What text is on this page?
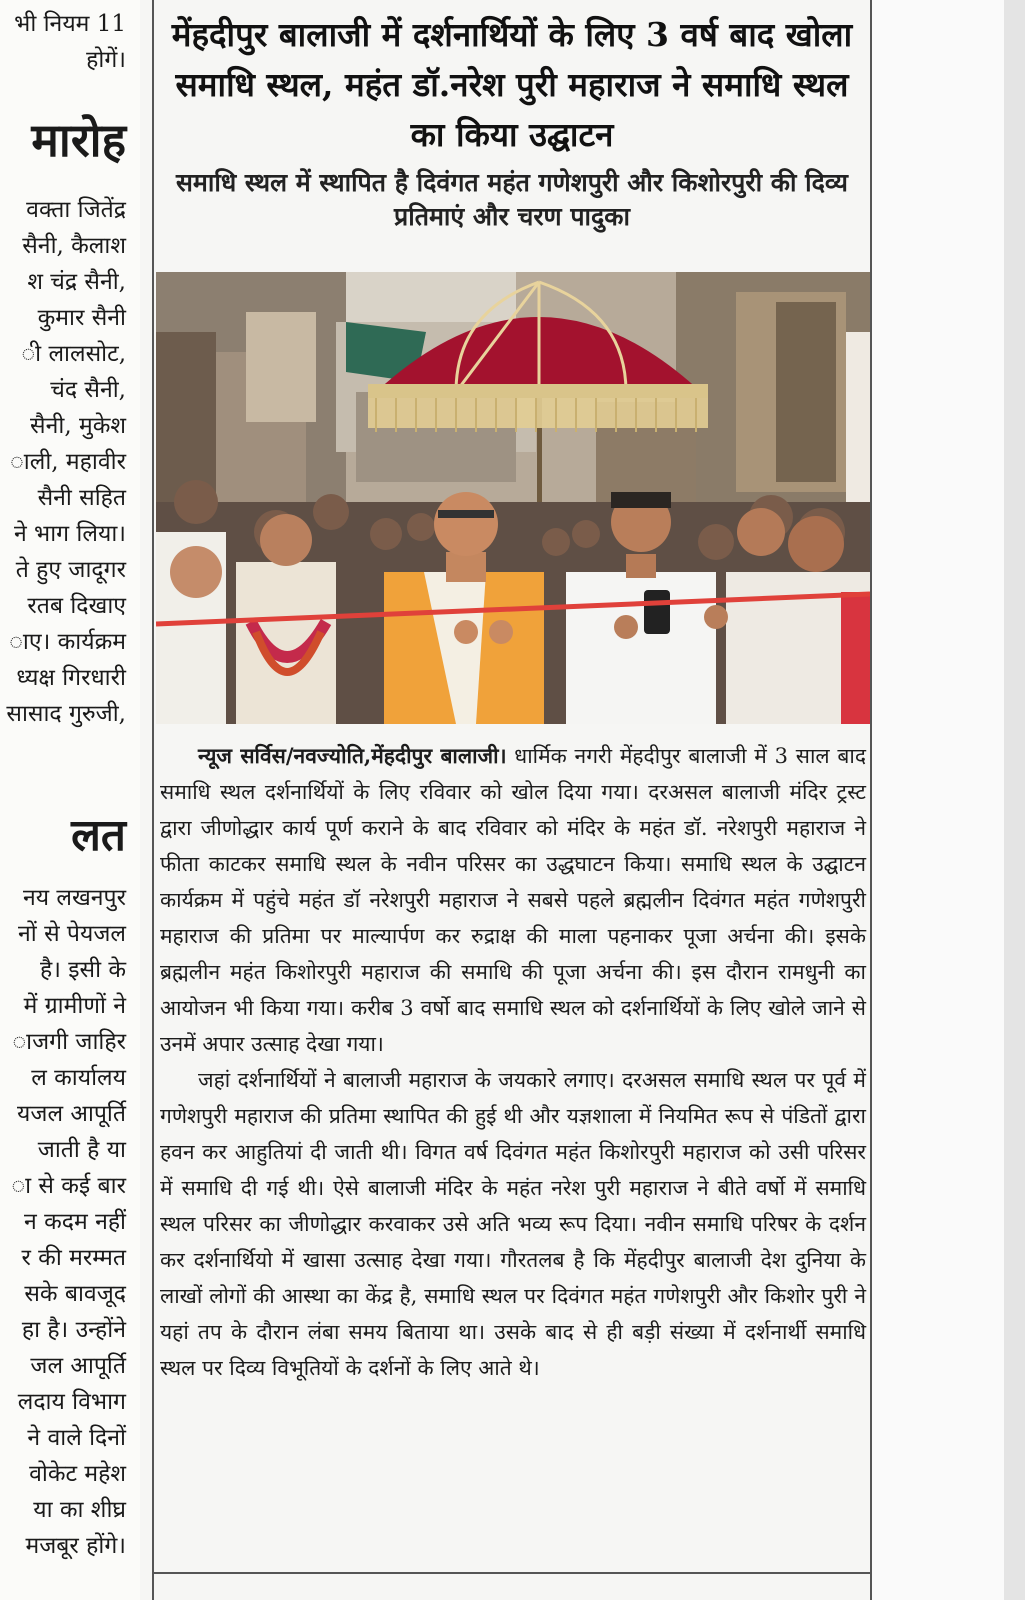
भी नियम 11
होगें।
मारोह
वक्ता जितेंद्र
सैनी, कैलाश
श चंद्र सैनी,
कुमार सैनी
ी लालसोट,
चंद सैनी,
सैनी, मुकेश
ाली, महावीर
सैनी सहित
ने भाग लिया।
ते हुए जादूगर
रतब दिखाए
ाए। कार्यक्रम
ध्यक्ष गिरधारी
सासाद गुरुजी,
लत
नय लखनपुर
नों से पेयजल
है। इसी के
में ग्रामीणों ने
ाजगी जाहिर
ल कार्यालय
यजल आपूर्ति
जाती है या
ा से कई बार
न कदम नहीं
र की मरम्मत
सके बावजूद
हा है। उन्होंने
जल आपूर्ति
लदाय विभाग
ने वाले दिनों
वोकेट महेश
या का शीघ्र
मजबूर होंगे।
मेंहदीपुर बालाजी में दर्शनार्थियों के लिए 3 वर्ष बाद खोला समाधि स्थल, महंत डॉ.नरेश पुरी महाराज ने समाधि स्थल का किया उद्घाटन
समाधि स्थल में स्थापित है दिवंगत महंत गणेशपुरी और किशोरपुरी की दिव्य प्रतिमाएं और चरण पादुका

न्यूज सर्विस/नवज्योति,मेंहदीपुर बालाजी। धार्मिक नगरी मेंहदीपुर बालाजी में 3 साल बाद समाधि स्थल दर्शनार्थियों के लिए रविवार को खोल दिया गया। दरअसल बालाजी मंदिर ट्रस्ट द्वारा जीणोद्धार कार्य पूर्ण कराने के बाद रविवार को मंदिर के महंत डॉ. नरेशपुरी महाराज ने फीता काटकर समाधि स्थल के नवीन परिसर का उद्धघाटन किया। समाधि स्थल के उद्घाटन कार्यक्रम में पहुंचे महंत डॉ नरेशपुरी महाराज ने सबसे पहले ब्रह्मलीन दिवंगत महंत गणेशपुरी महाराज की प्रतिमा पर माल्यार्पण कर रुद्राक्ष की माला पहनाकर पूजा अर्चना की। इसके ब्रह्मलीन महंत किशोरपुरी महाराज की समाधि की पूजा अर्चना की। इस दौरान रामधुनी का आयोजन भी किया गया। करीब 3 वर्षो बाद समाधि स्थल को दर्शनार्थियों के लिए खोले जाने से उनमें अपार उत्साह देखा गया।

जहां दर्शनार्थियों ने बालाजी महाराज के जयकारे लगाए। दरअसल समाधि स्थल पर पूर्व में गणेशपुरी महाराज की प्रतिमा स्थापित की हुई थी और यज्ञशाला में नियमित रूप से पंडितों द्वारा हवन कर आहुतियां दी जाती थी। विगत वर्ष दिवंगत महंत किशोरपुरी महाराज को उसी परिसर में समाधि दी गई थी। ऐसे बालाजी मंदिर के महंत नरेश पुरी महाराज ने बीते वर्षो में समाधि स्थल परिसर का जीणोद्धार करवाकर उसे अति भव्य रूप दिया। नवीन समाधि परिषर के दर्शन कर दर्शनार्थियो में खासा उत्साह देखा गया। गौरतलब है कि मेंहदीपुर बालाजी देश दुनिया के लाखों लोगों की आस्था का केंद्र है, समाधि स्थल पर दिवंगत महंत गणेशपुरी और किशोर पुरी ने यहां तप के दौरान लंबा समय बिताया था। उसके बाद से ही बड़ी संख्या में दर्शनार्थी समाधि स्थल पर दिव्य विभूतियों के दर्शनों के लिए आते थे।
